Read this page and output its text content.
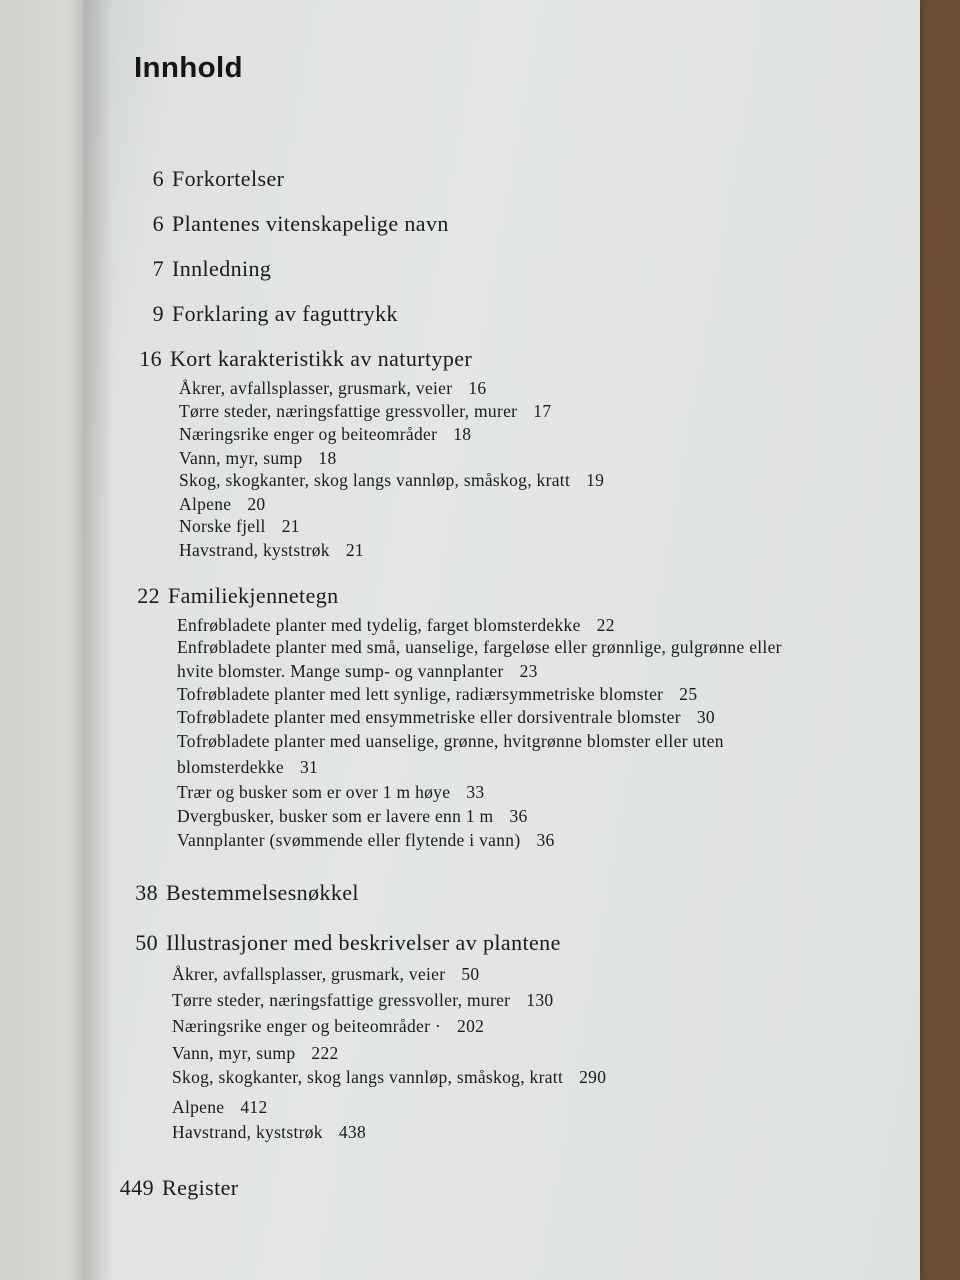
Innhold
6 Forkortelser
6 Plantenes vitenskapelige navn
7 Innledning
9 Forklaring av faguttrykk
16 Kort karakteristikk av naturtyper
Åkrer, avfallsplasser, grusmark, veier 16
Tørre steder, næringsfattige gressvoller, murer 17
Næringsrike enger og beiteområder 18
Vann, myr, sump 18
Skog, skogkanter, skog langs vannløp, småskog, kratt 19
Alpene 20
Norske fjell 21
Havstrand, kyststrøk 21
22 Familiekjennetegn
Enfrøbladete planter med tydelig, farget blomsterdekke 22
Enfrøbladete planter med små, uanselige, fargeløse eller grønnlige, gulgrønne eller
hvite blomster. Mange sump- og vannplanter 23
Tofrøbladete planter med lett synlige, radiærsymmetriske blomster 25
Tofrøbladete planter med ensymmetriske eller dorsiventrale blomster 30
Tofrøbladete planter med uanselige, grønne, hvitgrønne blomster eller uten
blomsterdekke 31
Trær og busker som er over 1 m høye 33
Dvergbusker, busker som er lavere enn 1 m 36
Vannplanter (svømmende eller flytende i vann) 36
38 Bestemmelsesnøkkel
50 Illustrasjoner med beskrivelser av plantene
Åkrer, avfallsplasser, grusmark, veier 50
Tørre steder, næringsfattige gressvoller, murer 130
Næringsrike enger og beiteområder · 202
Vann, myr, sump 222
Skog, skogkanter, skog langs vannløp, småskog, kratt 290
Alpene 412
Havstrand, kyststrøk 438
449 Register
